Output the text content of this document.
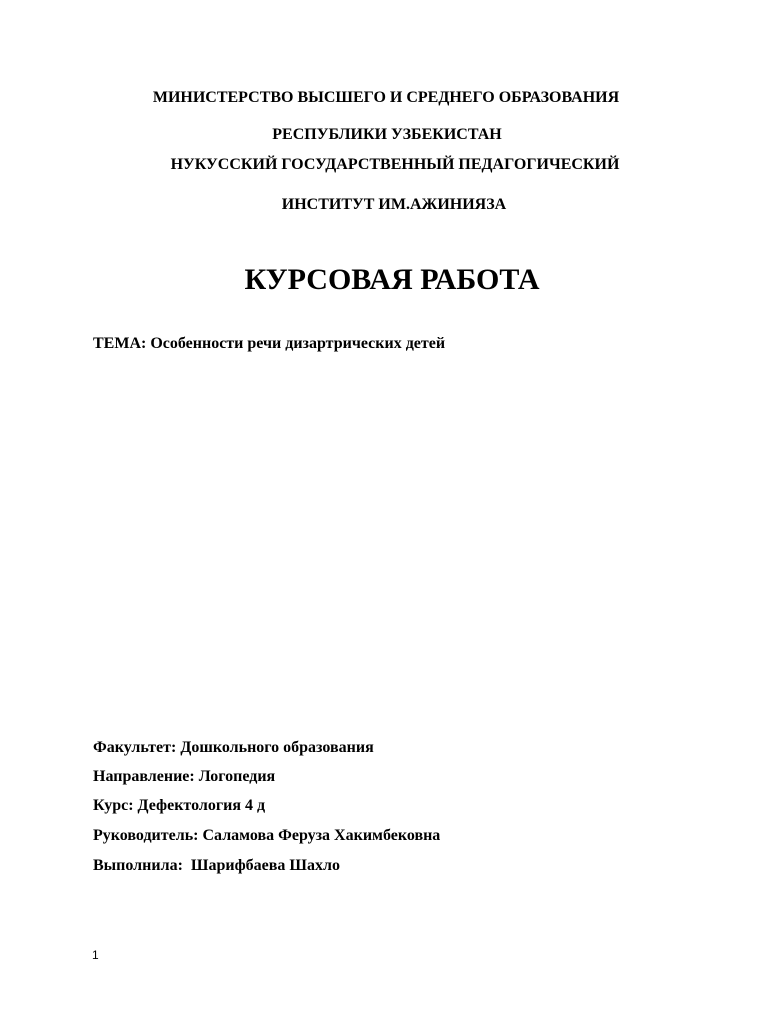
МИНИСТЕРСТВО ВЫСШЕГО И СРЕДНЕГО ОБРАЗОВАНИЯ
РЕСПУБЛИКИ УЗБЕКИСТАН
НУКУССКИЙ ГОСУДАРСТВЕННЫЙ ПЕДАГОГИЧЕСКИЙ
ИНСТИТУТ ИМ.АЖИНИЯЗА
КУРСОВАЯ РАБОТА
ТЕМА: Особенности речи дизартрических детей
Факультет: Дошкольного образования
Направление: Логопедия
Курс: Дефектология 4 д
Руководитель: Саламова Феруза Хакимбековна
Выполнила:  Шарифбаева Шахло
1
